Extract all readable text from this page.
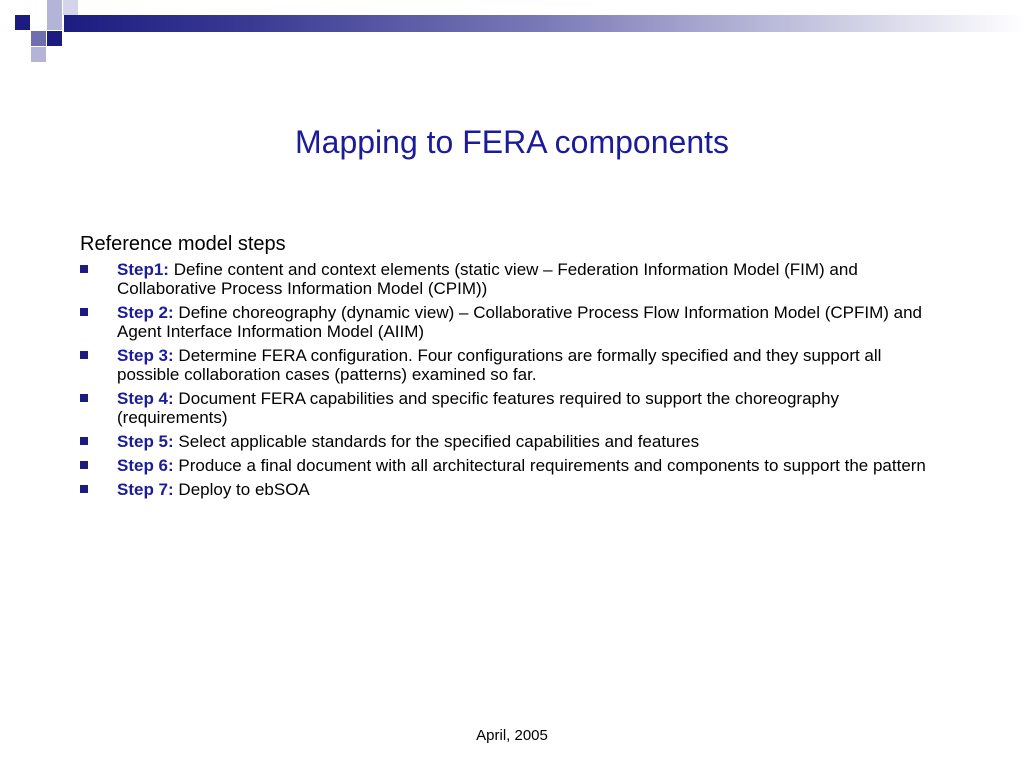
Mapping to FERA components
Reference model steps
Step1: Define content and context elements (static view – Federation Information Model (FIM) and Collaborative Process Information Model (CPIM))
Step 2: Define choreography (dynamic view) – Collaborative Process Flow Information Model (CPFIM) and Agent Interface Information Model (AIIM)
Step 3: Determine FERA configuration. Four configurations are formally specified and they support all possible collaboration cases (patterns) examined so far.
Step 4: Document FERA capabilities and specific features required to support the choreography (requirements)
Step 5: Select applicable standards for the specified capabilities and features
Step 6: Produce a final document with all architectural requirements and components to support the pattern
Step 7: Deploy to ebSOA
April, 2005
